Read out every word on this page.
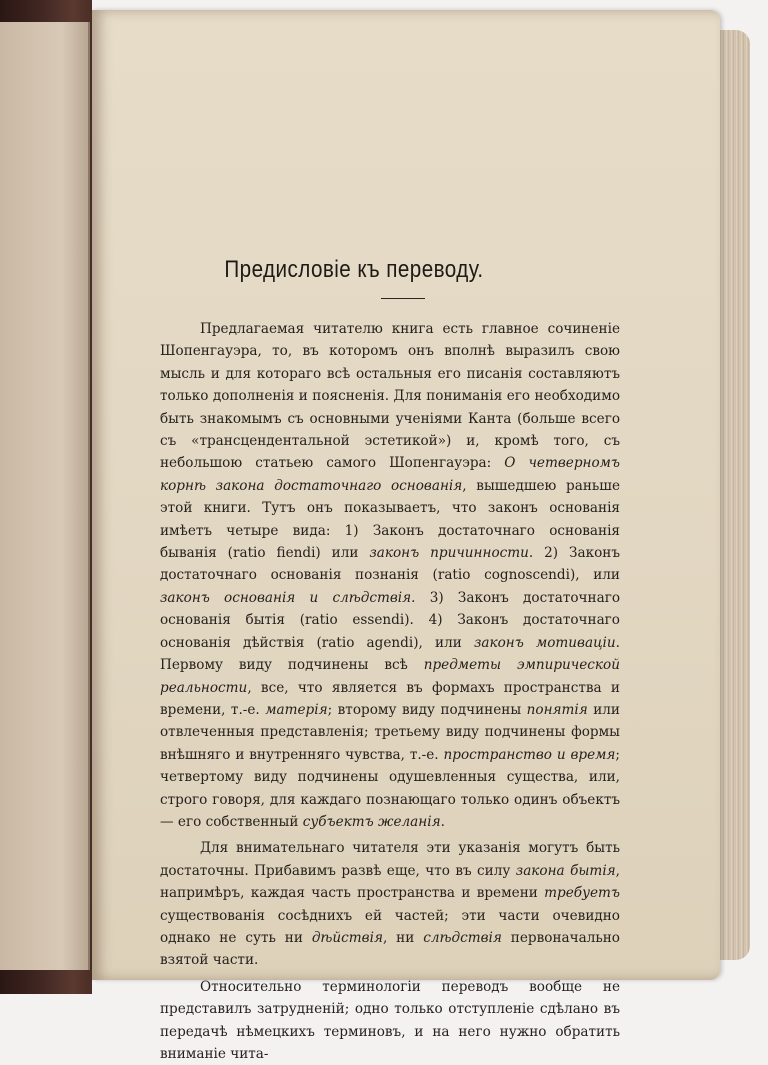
Предисловіе къ переводу.

Предлагаемая читателю книга есть главное сочиненіе Шопенгауэра, то, въ которомъ онъ вполнѣ выразилъ свою мысль и для котораго всѣ остальныя его писанія составляютъ только дополненія и поясненія. Для пониманія его необходимо быть знакомымъ съ основными ученіями Канта (больше всего съ «трансцендентальной эстетикой») и, кромѣ того, съ небольшою статьею самого Шопенгауэра: О четверномъ корнѣ закона достаточнаго основанія, вышедшею раньше этой книги. Тутъ онъ показываетъ, что законъ основанія имѣетъ четыре вида: 1) Законъ достаточнаго основанія быванія (ratio fiendi) или законъ причинности. 2) Законъ достаточнаго основанія познанія (ratio cognoscendi), или законъ основанія и слѣдствія. 3) Законъ достаточнаго основанія бытія (ratio essendi). 4) Законъ достаточнаго основанія дѣйствія (ratio agendi), или законъ мотиваціи. Первому виду подчинены всѣ предметы эмпирической реальности, все, что является въ формахъ пространства и времени, т.-е. матерія; второму виду подчинены понятія или отвлеченныя представленія; третьему виду подчинены формы внѣшняго и внутренняго чувства, т.-е. пространство и время; четвертому виду подчинены одушевленныя существа, или, строго говоря, для каждаго познающаго только одинъ объектъ— его собственный субъектъ желанія.

Для внимательнаго читателя эти указанія могутъ быть достаточны. Прибавимъ развѣ еще, что въ силу закона бытія, напримѣръ, каждая часть пространства и времени требуетъ существованія сосѣднихъ ей частей; эти части очевидно однако не суть ни дѣйствія, ни слѣдствія первоначально взятой части.

Относительно терминологіи переводъ вообще не представилъ затрудненій; одно только отступленіе сдѣлано въ передачѣ нѣмецкихъ терминовъ, и на него нужно обратить вниманіе чита-
